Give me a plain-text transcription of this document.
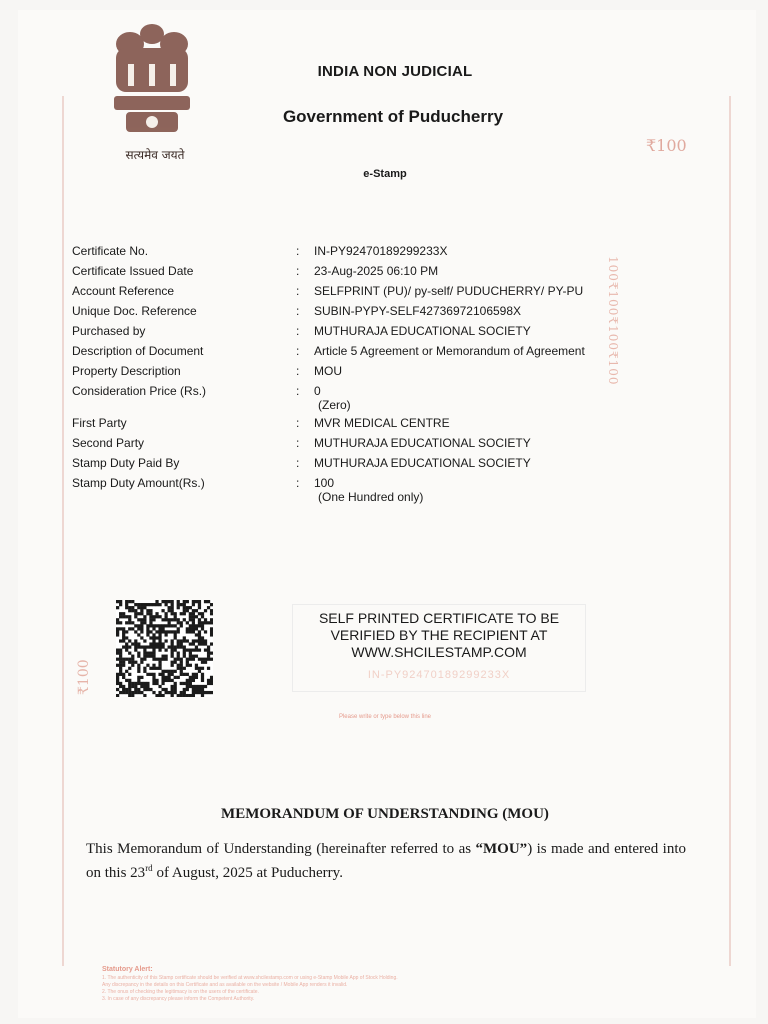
सत्यमेव जयते
INDIA NON JUDICIAL
Government of Puducherry
e-Stamp
₹100
100₹100₹100₹100
Certificate No.	: IN-PY92470189299233X
Certificate Issued Date	: 23-Aug-2025 06:10 PM
Account Reference	: SELFPRINT (PU)/ py-self/ PUDUCHERRY/ PY-PU
Unique Doc. Reference	: SUBIN-PYPY-SELF42736972106598X
Purchased by	: MUTHURAJA EDUCATIONAL SOCIETY
Description of Document	: Article 5 Agreement or Memorandum of Agreement
Property Description	: MOU
Consideration Price (Rs.)	: 0
(Zero)
First Party	: MVR MEDICAL CENTRE
Second Party	: MUTHURAJA EDUCATIONAL SOCIETY
Stamp Duty Paid By	: MUTHURAJA EDUCATIONAL SOCIETY
Stamp Duty Amount(Rs.)	: 100
(One Hundred only)
SELF PRINTED CERTIFICATE TO BE
VERIFIED BY THE RECIPIENT AT
WWW.SHCILESTAMP.COM
IN-PY92470189299233X
₹100
Please write or type below this line
MEMORANDUM OF UNDERSTANDING (MOU)
This Memorandum of Understanding (hereinafter referred to as “MOU”) is made and entered into on this 23rd of August, 2025 at Puducherry.
Statutory Alert:
1. The authenticity of this Stamp certificate should be verified at www.shcilestamp.com or using e-Stamp Mobile App of Stock Holding.
Any discrepancy in the details on this Certificate and as available on the website / Mobile App renders it invalid.
2. The onus of checking the legitimacy is on the users of the certificate.
3. In case of any discrepancy please inform the Competent Authority.
